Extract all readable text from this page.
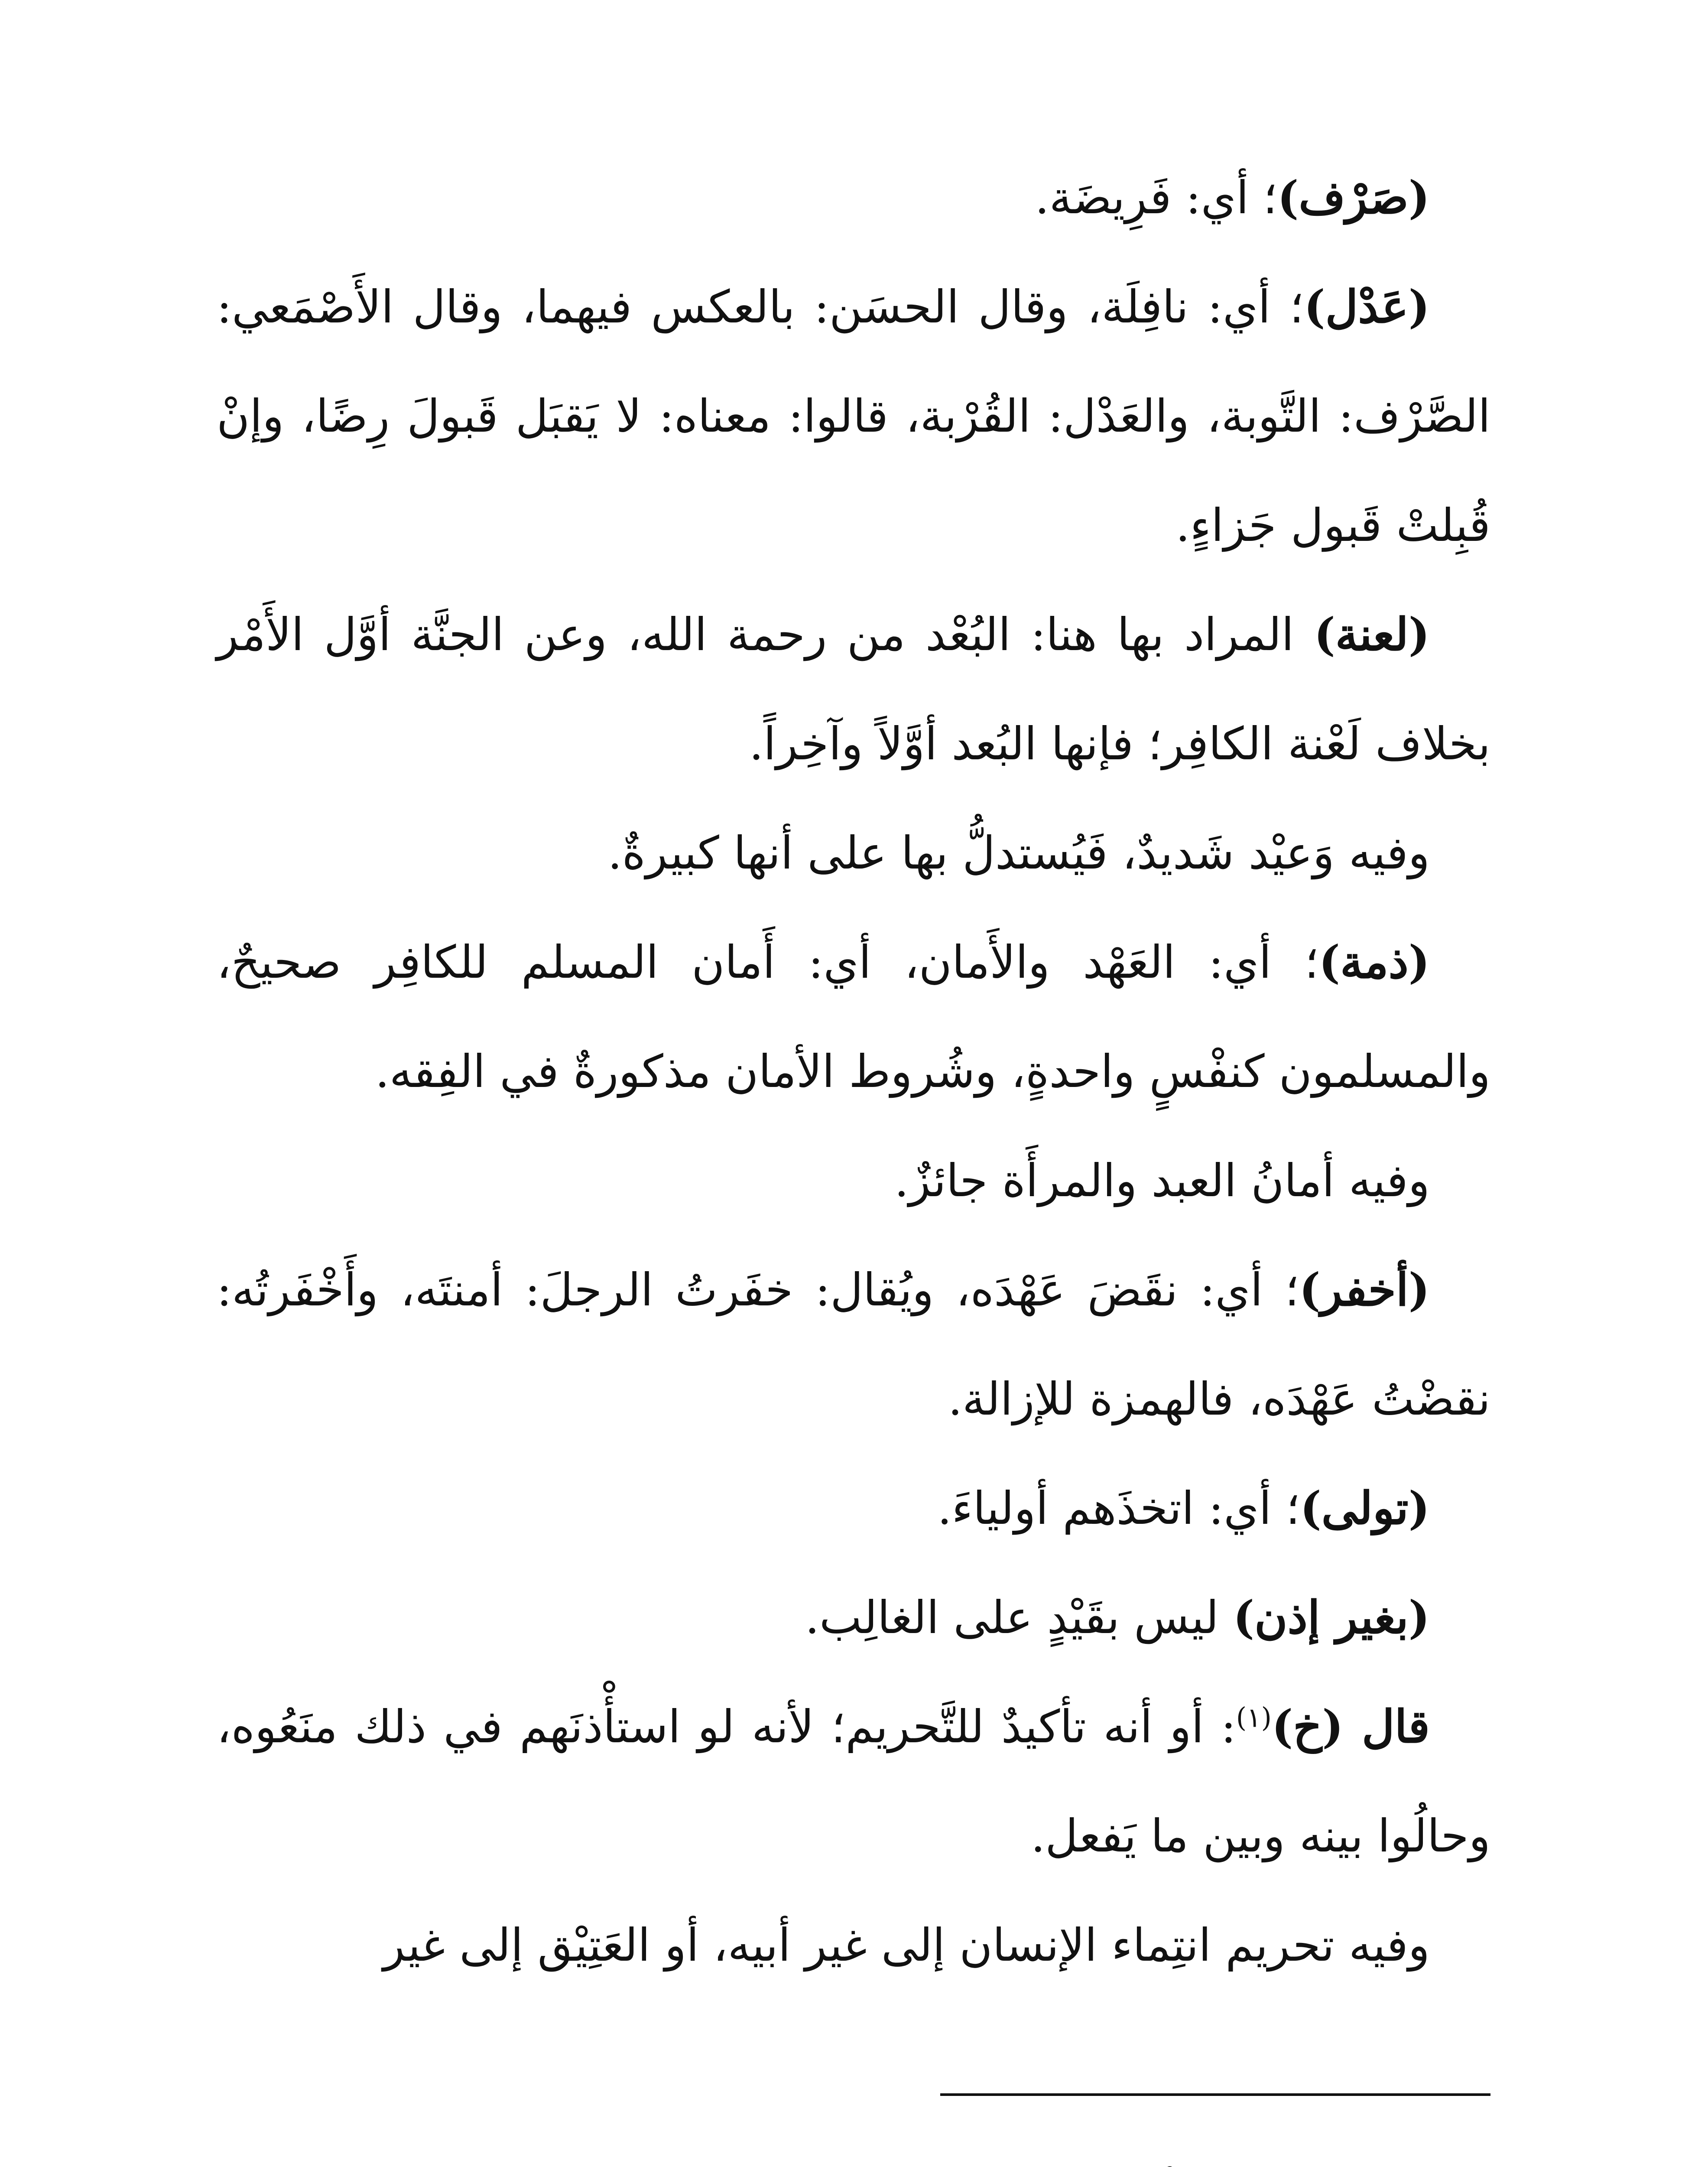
(صَرْف)؛ أي: فَرِيضَة.

(عَدْل)؛ أي: نافِلَة، وقال الحسَن: بالعكس فيهما، وقال الأَصْمَعي: الصَّرْف: التَّوبة، والعَدْل: القُرْبة، قالوا: معناه: لا يَقبَل قَبولَ رِضًا، وإنْ قُبِلتْ قَبول جَزاءٍ.

(لعنة) المراد بها هنا: البُعْد من رحمة الله، وعن الجنَّة أوَّل الأَمْر بخلاف لَعْنة الكافِر؛ فإنها البُعد أوَّلاً وآخِراً.

وفيه وَعيْد شَديدٌ، فَيُستدلُّ بها على أنها كبيرةٌ.

(ذمة)؛ أي: العَهْد والأَمان، أي: أَمان المسلم للكافِر صحيحٌ، والمسلمون كنفْسٍ واحدةٍ، وشُروط الأمان مذكورةٌ في الفِقه.

وفيه أمانُ العبد والمرأَة جائزٌ.

(أخفر)؛ أي: نقَضَ عَهْدَه، ويُقال: خفَرتُ الرجلَ: أمنتَه، وأَخْفَرتُه: نقضْتُ عَهْدَه، فالهمزة للإزالة.

(تولى)؛ أي: اتخذَهم أولياءَ.

(بغير إذن) ليس بقَيْدٍ على الغالِب.

قال (خ)$^{(١)}$: أو أنه تأكيدٌ للتَّحريم؛ لأنه لو استأْذنَهم في ذلك منَعُوه، وحالُوا بينه وبين ما يَفعل.

وفيه تحريم انتِماء الإنسان إلى غير أبيه، أو العَتِيْق إلى غير
